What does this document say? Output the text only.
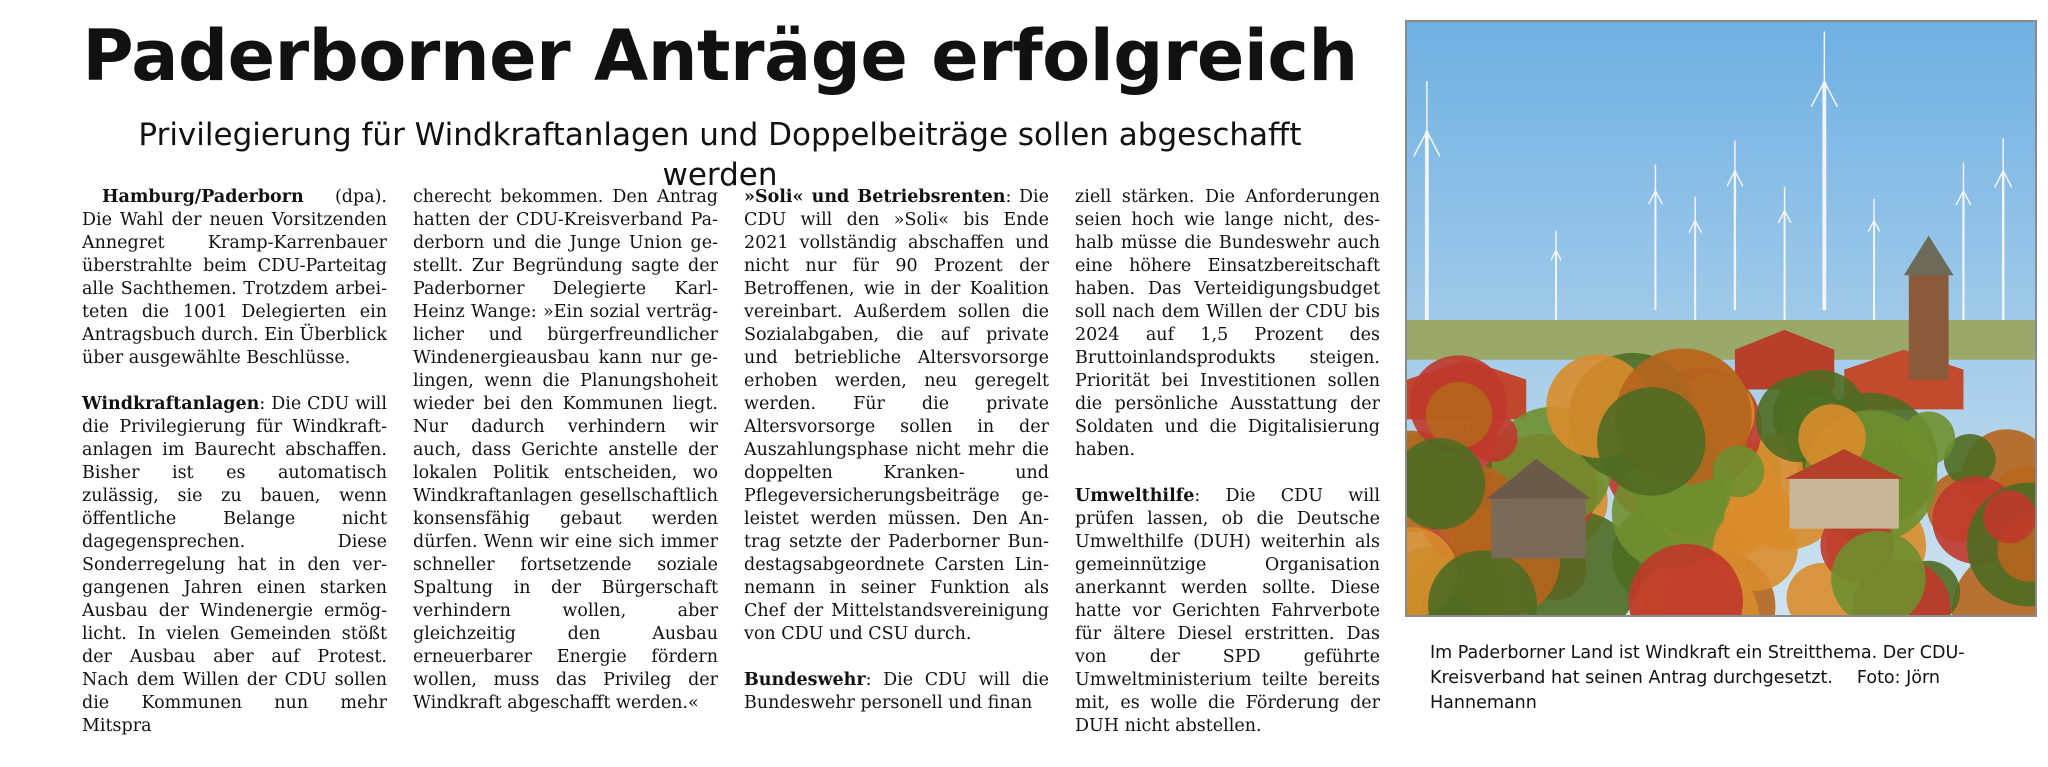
Paderborner Anträge erfolgreich
Privilegierung für Windkraftanlagen und Doppelbeiträge sollen abgeschafft werden

Hamburg/Paderborn (dpa). Die Wahl der neuen Vorsitzenden Annegret Kramp-Karrenbauer überstrahlte beim CDU-Parteitag alle Sachthemen. Trotzdem arbeiteten die 1001 Delegierten ein Antragsbuch durch. Ein Überblick über ausgewählte Beschlüsse.

Windkraftanlagen: Die CDU will die Privilegierung für Windkraftanlagen im Baurecht abschaffen. Bisher ist es automatisch zulässig, sie zu bauen, wenn öffentliche Belange nicht dagegensprechen. Diese Sonderregelung hat in den vergangenen Jahren einen starken Ausbau der Windenergie ermöglicht. In vielen Gemeinden stößt der Ausbau aber auf Protest. Nach dem Willen der CDU sollen die Kommunen nun mehr Mitspra

cherecht bekommen. Den Antrag hatten der CDU-Kreisverband Paderborn und die Junge Union gestellt. Zur Begründung sagte der Paderborner Delegierte Karl-Heinz Wange: »Ein sozial verträglicher und bürgerfreundlicher Windenergieausbau kann nur gelingen, wenn die Planungshoheit wieder bei den Kommunen liegt. Nur dadurch verhindern wir auch, dass Gerichte anstelle der lokalen Politik entscheiden, wo Windkraftanlagen gesellschaftlich konsensfähig gebaut werden dürfen. Wenn wir eine sich immer schneller fortsetzende soziale Spaltung in der Bürgerschaft verhindern wollen, aber gleichzeitig den Ausbau erneuerbarer Energie fördern wollen, muss das Privileg der Windkraft abgeschafft werden.«

»Soli« und Betriebsrenten: Die CDU will den »Soli« bis Ende 2021 vollständig abschaffen und nicht nur für 90 Prozent der Betroffenen, wie in der Koalition vereinbart. Außerdem sollen die Sozialabgaben, die auf private und betriebliche Altersvorsorge erhoben werden, neu geregelt werden. Für die private Altersvorsorge sollen in der Auszahlungsphase nicht mehr die doppelten Kranken- und Pflegeversicherungsbeiträge geleistet werden müssen. Den Antrag setzte der Paderborner Bundestagsabgeordnete Carsten Linnemann in seiner Funktion als Chef der Mittelstandsvereinigung von CDU und CSU durch.

Bundeswehr: Die CDU will die Bundeswehr personell und finan

ziell stärken. Die Anforderungen seien hoch wie lange nicht, deshalb müsse die Bundeswehr auch eine höhere Einsatzbereitschaft haben. Das Verteidigungsbudget soll nach dem Willen der CDU bis 2024 auf 1,5 Prozent des Bruttoinlandsprodukts steigen. Priorität bei Investitionen sollen die persönliche Ausstattung der Soldaten und die Digitalisierung haben.

Umwelthilfe: Die CDU will prüfen lassen, ob die Deutsche Umwelthilfe (DUH) weiterhin als gemeinnützige Organisation anerkannt werden sollte. Diese hatte vor Gerichten Fahrverbote für ältere Diesel erstritten. Das von der SPD geführte Umweltministerium teilte bereits mit, es wolle die Förderung der DUH nicht abstellen.

Im Paderborner Land ist Windkraft ein Streitthema. Der CDU-Kreisverband hat seinen Antrag durchgesetzt. Foto: Jörn Hannemann
